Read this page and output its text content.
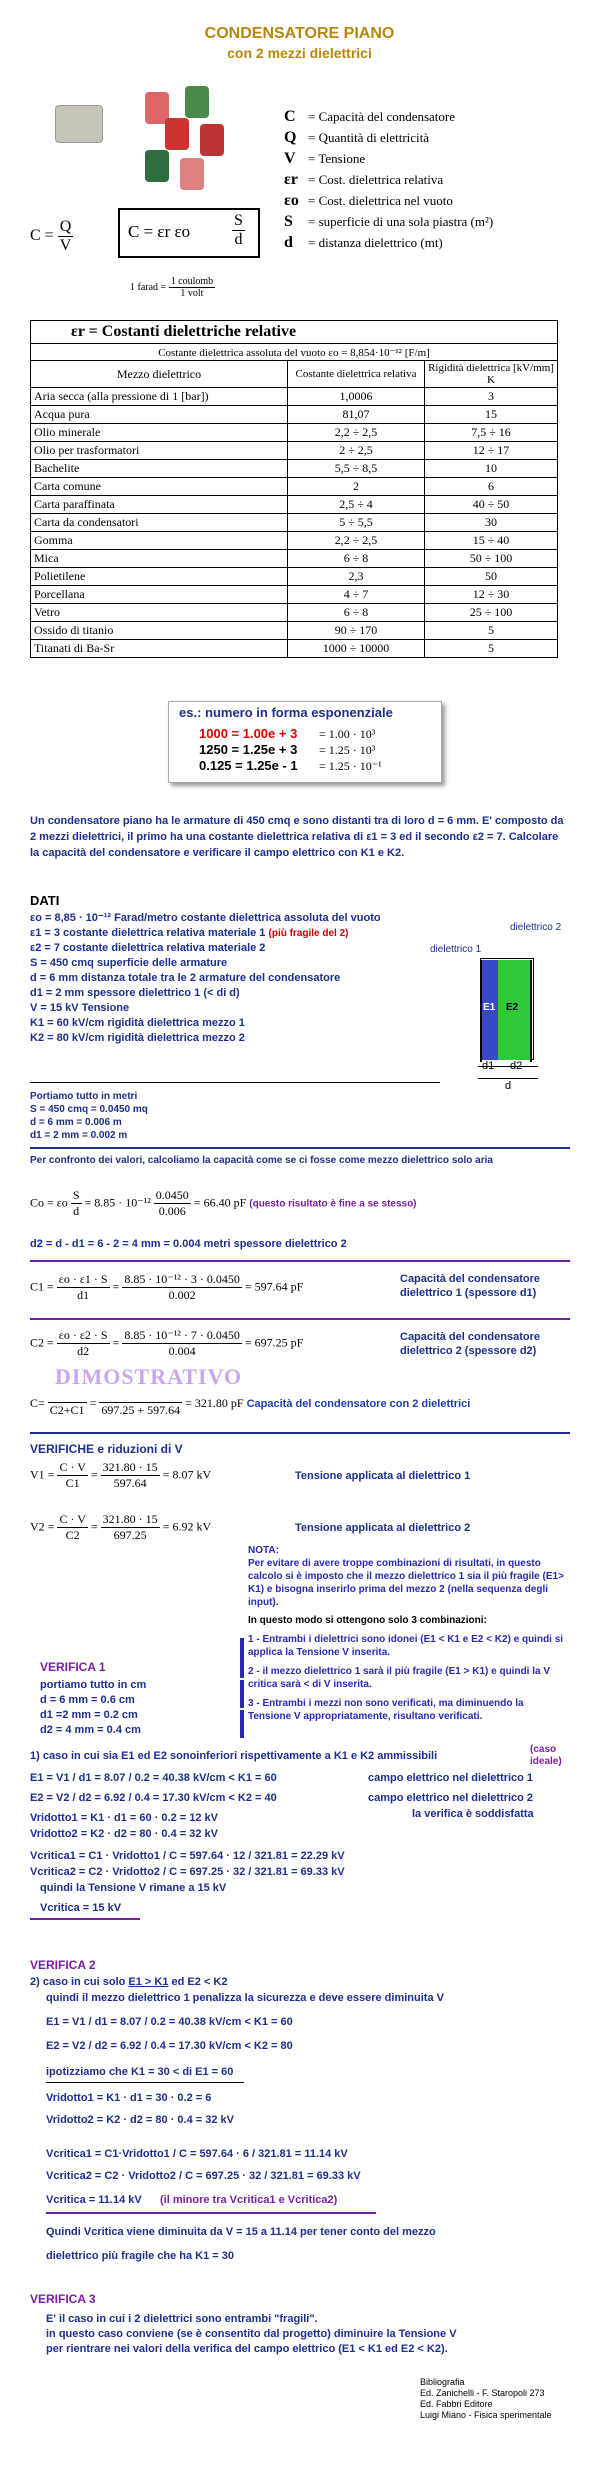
CONDENSATORE PIANO
con 2 mezzi dielettrici
C = Capacità del condensatore
Q = Quantità di elettricità
V = Tensione
εr = Cost. dielettrica relativa
εo = Cost. dielettrica nel vuoto
S = superficie di una sola piastra (m²)
d = distanza dielettrico (mt)
$C = \frac{Q}{V}$	C = εr εo	$\frac{S}{d}$
1 farad = $\frac{\text{1 coulomb}}{\text{1 volt}}$
εr = Costanti dielettriche relative		
Costante dielettrica assoluta del vuoto εo = 8,854·10⁻¹² [F/m]		
Mezzo dielettrico	Costante dielettrica relativa	Rigidità dielettrica [kV/mm] K
Aria secca (alla pressione di 1 [bar])	1,0006	3
Acqua pura	81,07	15
Olio minerale	2,2 ÷ 2,5	7,5 ÷ 16
Olio per trasformatori	2 ÷ 2,5	12 ÷ 17
Bachelite	5,5 ÷ 8,5	10
Carta comune	2	6
Carta paraffinata	2,5 ÷ 4	40 ÷ 50
Carta da condensatori	5 ÷ 5,5	30
Gomma	2,2 ÷ 2,5	15 ÷ 40
Mica	6 ÷ 8	50 ÷ 100
Polietilene	2,3	50
Porcellana	4 ÷ 7	12 ÷ 30
Vetro	6 ÷ 8	25 ÷ 100
Ossido di titanio	90 ÷ 170	5
Titanati di Ba-Sr	1000 ÷ 10000	5
es.: numero in forma esponenziale
1000 = 1.00e + 3 = 1.00 · 10³
1250 = 1.25e + 3 = 1.25 · 10³
0.125 = 1.25e - 1 = 1.25 · 10⁻¹
Un condensatore piano ha le armature di 450 cmq e sono distanti tra di loro d = 6 mm. E' composto da 2 mezzi dielettrici, il primo ha una costante dielettrica relativa di ε1 = 3 ed il secondo ε2 = 7. Calcolare la capacità del condensatore e verificare il campo elettrico con K1 e K2.
DATI
εo = 8,85 · 10⁻¹² Farad/metro costante dielettrica assoluta del vuoto
ε1 = 3 costante dielettrica relativa materiale 1 (più fragile del 2)
ε2 = 7 costante dielettrica relativa materiale 2
S = 450 cmq superficie delle armature
d = 6 mm distanza totale tra le 2 armature del condensatore
d1 = 2 mm spessore dielettrico 1 (< di d)
V = 15 kV Tensione
K1 = 60 kV/cm rigidità dielettrica mezzo 1
K2 = 80 kV/cm rigidità dielettrica mezzo 2
dielettrico 2
dielettrico 1
E1 E2
d1 d2
d
Portiamo tutto in metri
S = 450 cmq = 0.0450 mq
d = 6 mm = 0.006 m
d1 = 2 mm = 0.002 m
Per confronto dei valori, calcoliamo la capacità come se ci fosse come mezzo dielettrico solo aria
Co = εo $\frac{S}{d} = 8.85 \cdot 10^{-12} \frac{0.0450}{0.006} = 66.40$ pF (questo risultato è fine a se stesso)
d2 = d - d1 = 6 - 2 = 4 mm = 0.004 metri spessore dielettrico 2
$C1 = \frac{\varepsilon o \cdot \varepsilon 1 \cdot S}{d1} = \frac{\text{8.85 · 10⁻¹² · 3 · 0.0450}}{0.002} = 597.64$ pF
Capacità del condensatore dielettrico 1 (spessore d1)
$C2 = \frac{\varepsilon o \cdot \varepsilon 2 \cdot S}{d2} = \frac{\text{8.85 · 10⁻¹² · 7 · 0.0450}}{0.004} = 697.25$ pF	Capacità del condensatore dielettrico 2 (spessore d2)
DIMOSTRATIVO
C=
C2+C1
=
697.25 + 597.64
= 321.80 pF Capacità del condensatore con 2 dielettrici
VERIFICHE e riduzioni di V
$V1 = \frac{C \cdot V}{C1} = \frac{321.80 \cdot 15}{597.64} = 8.07$ kV	Tensione applicata al dielettrico 1
$V2 = \frac{C \cdot V}{C2} = \frac{321.80 \cdot 15}{697.25} = 6.92$ kV	Tensione applicata al dielettrico 2
NOTA:
Per evitare di avere troppe combinazioni di risultati, in questo calcolo si è imposto che il mezzo dielettrico 1 sia il più fragile (E1> K1) e bisogna inserirlo prima del mezzo 2 (nella sequenza degli input).
In questo modo si ottengono solo 3 combinazioni:
1 - Entrambi i dielettrici sono idonei (E1 < K1 e E2 < K2) e quindi si applica la Tensione V inserita.
2 - il mezzo dielettrico 1 sarà il più fragile (E1 > K1) e quindi la V critica sarà < di V inserita.
3 - Entrambi i mezzi non sono verificati, ma diminuendo la Tensione V appropriatamente, risultano verificati.
VERIFICA 1
portiamo tutto in cm
d = 6 mm = 0.6 cm
d1 =2 mm = 0.2 cm
d2 = 4 mm = 0.4 cm
1) caso in cui sia E1 ed E2 sonoinferiori rispettivamente a K1 e K2 ammissibili
(caso ideale)
E1 = V1 / d1 = 8.07 / 0.2 = 40.38 kV/cm < K1 = 60	campo elettrico nel dielettrico 1
E2 = V2 / d2 = 6.92 / 0.4 = 17.30 kV/cm < K2 = 40	campo elettrico nel dielettrico 2
la verifica è soddisfatta
Vridotto1 = K1 · d1 = 60 · 0.2 = 12 kV
Vridotto2 = K2 · d2 = 80 · 0.4 = 32 kV
Vcritica1 = C1 · Vridotto1 / C = 597.64 · 12 / 321.81 = 22.29 kV
Vcritica2 = C2 · Vridotto2 / C = 697.25 · 32 / 321.81 = 69.33 kV
quindi la Tensione V rimane a 15 kV
Vcritica = 15 kV
VERIFICA 2
2) caso in cui solo E1 > K1 ed E2 < K2
quindi il mezzo dielettrico 1 penalizza la sicurezza e deve essere diminuita V
E1 = V1 / d1 = 8.07 / 0.2 = 40.38 kV/cm < K1 = 60
E2 = V2 / d2 = 6.92 / 0.4 = 17.30 kV/cm < K2 = 80
ipotizziamo che K1 = 30 < di E1 = 60
Vridotto1 = K1 · d1 = 30 · 0.2 = 6
Vridotto2 = K2 · d2 = 80 · 0.4 = 32 kV
Vcritica1 = C1·Vridotto1 / C = 597.64 · 6 / 321.81 = 11.14 kV
Vcritica2 = C2 · Vridotto2 / C = 697.25 · 32 / 321.81 = 69.33 kV
Vcritica = 11.14 kV (il minore tra Vcritica1 e Vcritica2)
Quindi Vcritica viene diminuita da V = 15 a 11.14 per tener conto del mezzo
dielettrico più fragile che ha K1 = 30
VERIFICA 3
E' il caso in cui i 2 dielettrici sono entrambi "fragili".
in questo caso conviene (se è consentito dal progetto) diminuire la Tensione V
per rientrare nei valori della verifica del campo elettrico (E1 < K1 ed E2 < K2).
Bibliografia
Ed. Zanichelli - F. Staropoli 273
Ed. Fabbri Editore
Luigi Miano - Fisica sperimentale
